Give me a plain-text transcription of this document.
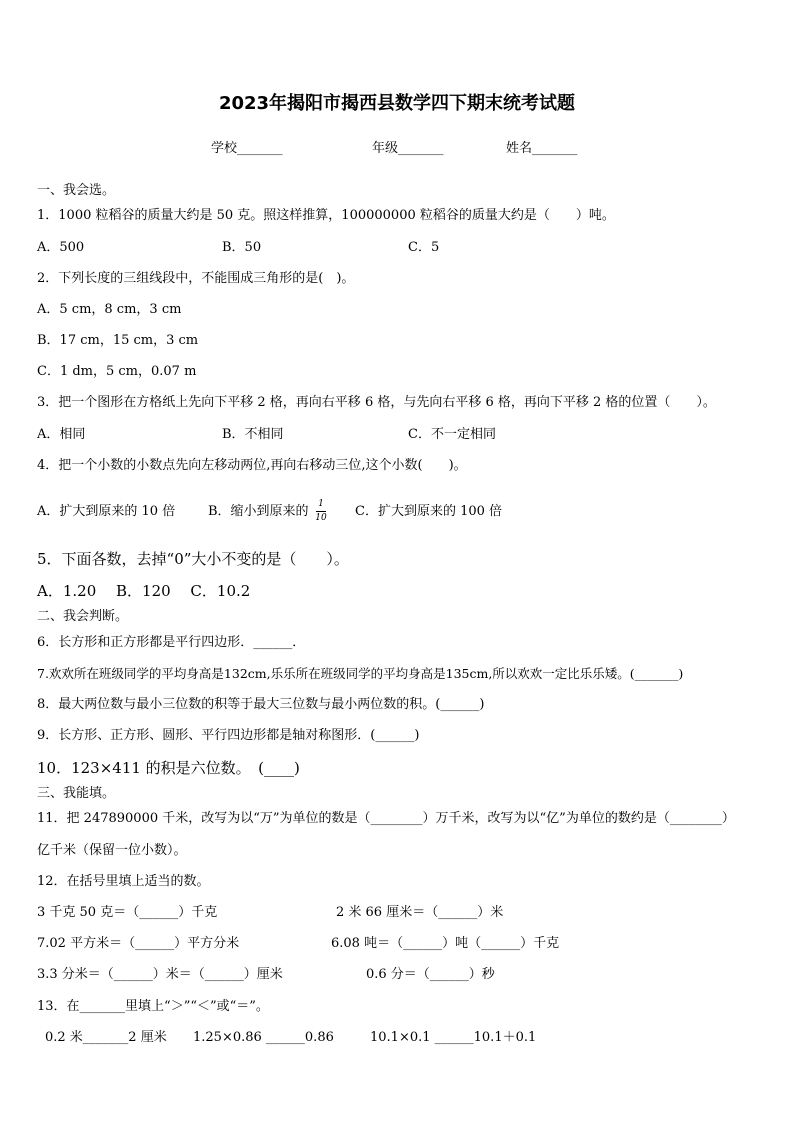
2023年揭阳市揭西县数学四下期末统考试题
学校_______	年级_______	姓名_______
一、我会选。
1．1000 粒稻谷的质量大约是 50 克。照这样推算，100000000 粒稻谷的质量大约是（　　）吨。
A．500	B．50	C．5
2．下列长度的三组线段中，不能围成三角形的是(　)。
A．5 cm，8 cm，3 cm
B．17 cm，15 cm，3 cm
C．1 dm，5 cm，0.07 m
3．把一个图形在方格纸上先向下平移 2 格，再向右平移 6 格，与先向右平移 6 格，再向下平移 2 格的位置（　　）。
A．相同	B．不相同	C．不一定相同
4．把一个小数的小数点先向左移动两位,再向右移动三位,这个小数(　　)。
A．扩大到原来的 10 倍	B．缩小到原来的	1
10 C．扩大到原来的 100 倍
5．下面各数，去掉“0”大小不变的是（　　）。
A．1.20　 B．120　 C．10.2
二、我会判断。
6．长方形和正方形都是平行四边形．______．
7.欢欢所在班级同学的平均身高是132cm,乐乐所在班级同学的平均身高是135cm,所以欢欢一定比乐乐矮。(_______)
8．最大两位数与最小三位数的积等于最大三位数与最小两位数的积。(______)
9．长方形、正方形、圆形、平行四边形都是轴对称图形．(______)
10．123×411 的积是六位数。　(____)
三、我能填。
11．把 247890000 千米，改写为以“万”为单位的数是（________）万千米，改写为以“亿”为单位的数约是（________）
亿千米（保留一位小数）。
12．在括号里填上适当的数。
3 千克 50 克＝（______）千克	2 米 66 厘米＝（______）米
7.02 平方米＝（______）平方分米	6.08 吨＝（______）吨（______）千克
3.3 分米＝（______）米＝（______）厘米	0.6 分＝（______）秒
13．在_______里填上“＞”“＜”或“＝”。
0.2 米_______2 厘米 1.25×0.86 ______0.86	10.1×0.1 ______10.1＋0.1
